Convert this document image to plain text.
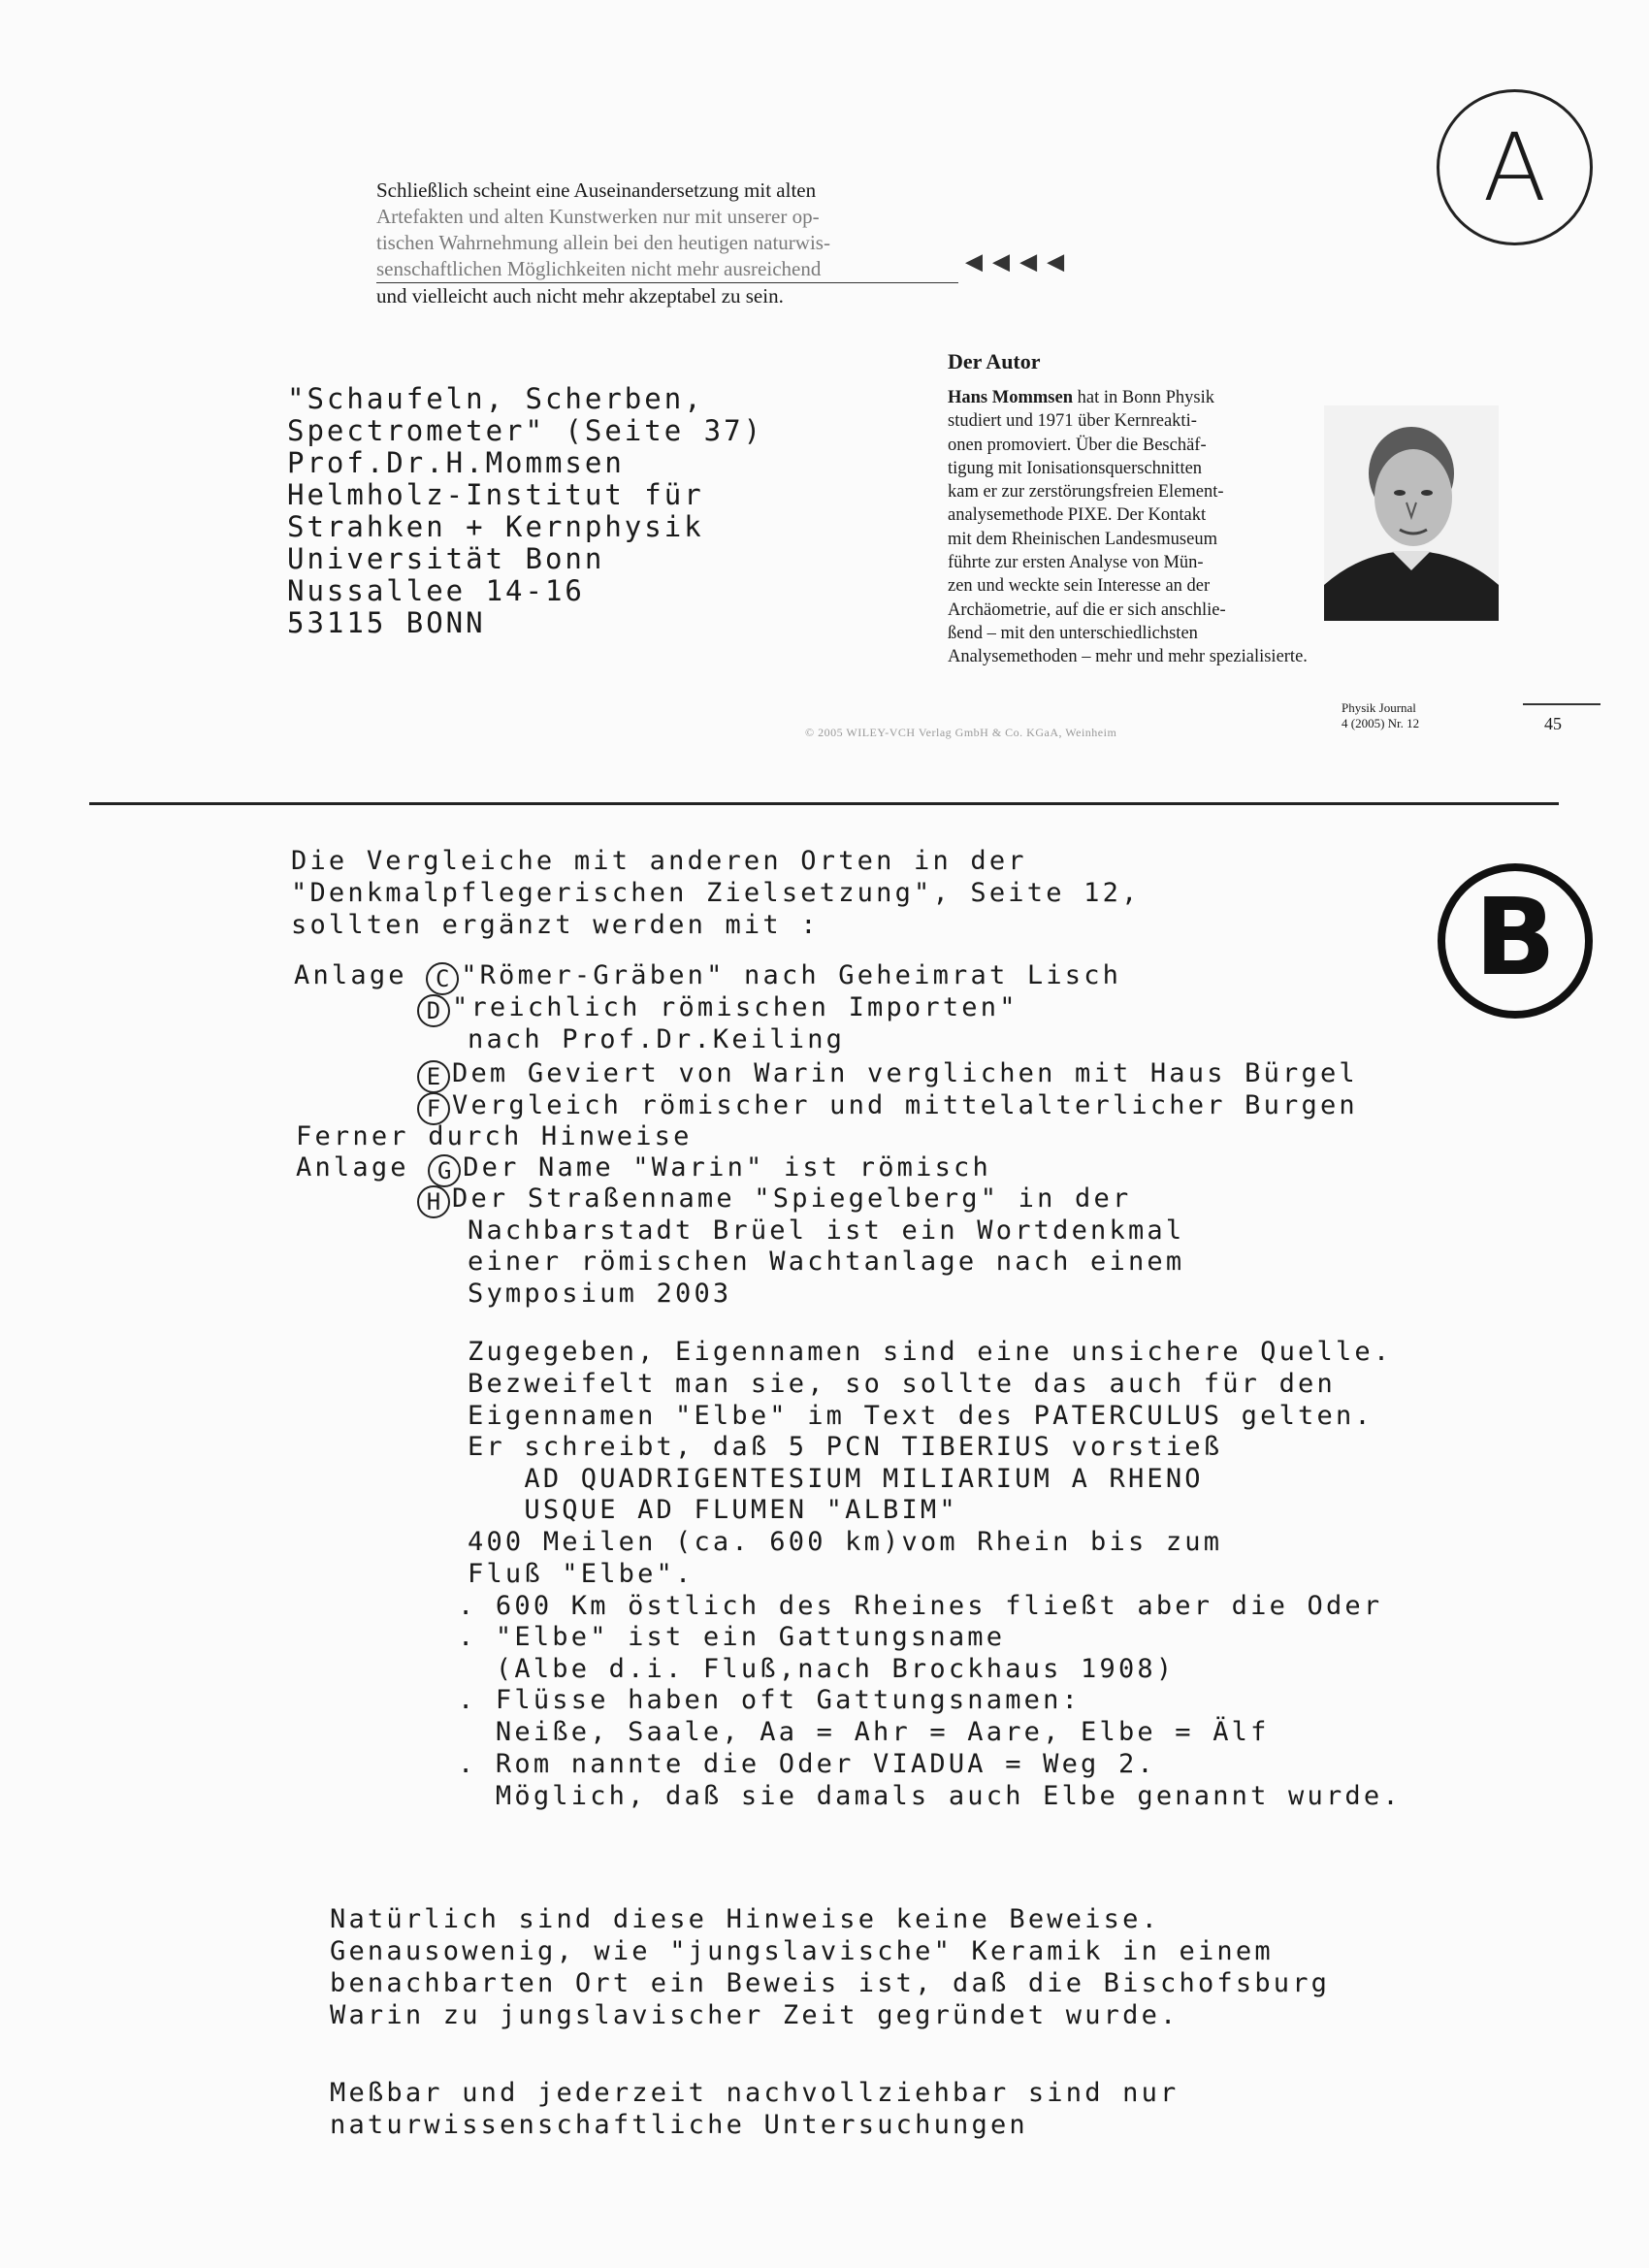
A
Schließlich scheint eine Auseinandersetzung mit alten
Artefakten und alten Kunstwerken nur mit unserer op-
tischen Wahrnehmung allein bei den heutigen naturwis-
senschaftlichen Möglichkeiten nicht mehr ausreichend
und vielleicht auch nicht mehr akzeptabel zu sein.
◀◀◀◀
"Schaufeln, Scherben,
Spectrometer" (Seite 37)
Prof.Dr.H.Mommsen
Helmholz-Institut für
Strahken + Kernphysik
Universität Bonn
Nussallee 14-16
53115 BONN
Der Autor
Hans Mommsen hat in Bonn Physik
studiert und 1971 über Kernreakti-
onen promoviert. Über die Beschäf-
tigung mit Ionisationsquerschnitten
kam er zur zerstörungsfreien Element-
analysemethode PIXE. Der Kontakt
mit dem Rheinischen Landesmuseum
führte zur ersten Analyse von Mün-
zen und weckte sein Interesse an der
Archäometrie, auf die er sich anschlie-
ßend – mit den unterschiedlichsten
Analysemethoden – mehr und mehr spezialisierte.
Physik Journal
4 (2005) Nr. 12	45
© 2005 WILEY-VCH Verlag GmbH & Co. KGaA, Weinheim
B
Die Vergleiche mit anderen Orten in der
"Denkmalpflegerischen Zielsetzung", Seite 12,
sollten ergänzt werden mit :
Anlage C "Römer-Gräben" nach Geheimrat Lisch
D "reichlich römischen Importen"
nach Prof.Dr.Keiling
E Dem Geviert von Warin verglichen mit Haus Bürgel
F Vergleich römischer und mittelalterlicher Burgen
Ferner durch Hinweise
Anlage G Der Name "Warin" ist römisch
H Der Straßenname "Spiegelberg" in der
Nachbarstadt Brüel ist ein Wortdenkmal
einer römischen Wachtanlage nach einem
Symposium 2003
Zugegeben, Eigennamen sind eine unsichere Quelle.
Bezweifelt man sie, so sollte das auch für den
Eigennamen "Elbe" im Text des PATERCULUS gelten.
Er schreibt, daß 5 PCN TIBERIUS vorstieß
AD QUADRIGENTESIUM MILIARIUM A RHENO
USQUE AD FLUMEN "ALBIM"
400 Meilen (ca. 600 km)vom Rhein bis zum
Fluß "Elbe".
. 600 Km östlich des Rheines fließt aber die Oder
. "Elbe" ist ein Gattungsname
(Albe d.i. Fluß,nach Brockhaus 1908)
. Flüsse haben oft Gattungsnamen:
Neiße, Saale, Aa = Ahr = Aare, Elbe = Älf
. Rom nannte die Oder VIADUA = Weg 2.
Möglich, daß sie damals auch Elbe genannt wurde.
Natürlich sind diese Hinweise keine Beweise.
Genausowenig, wie "jungslavische" Keramik in einem
benachbarten Ort ein Beweis ist, daß die Bischofsburg
Warin zu jungslavischer Zeit gegründet wurde.
Meßbar und jederzeit nachvollziehbar sind nur
naturwissenschaftliche Untersuchungen
